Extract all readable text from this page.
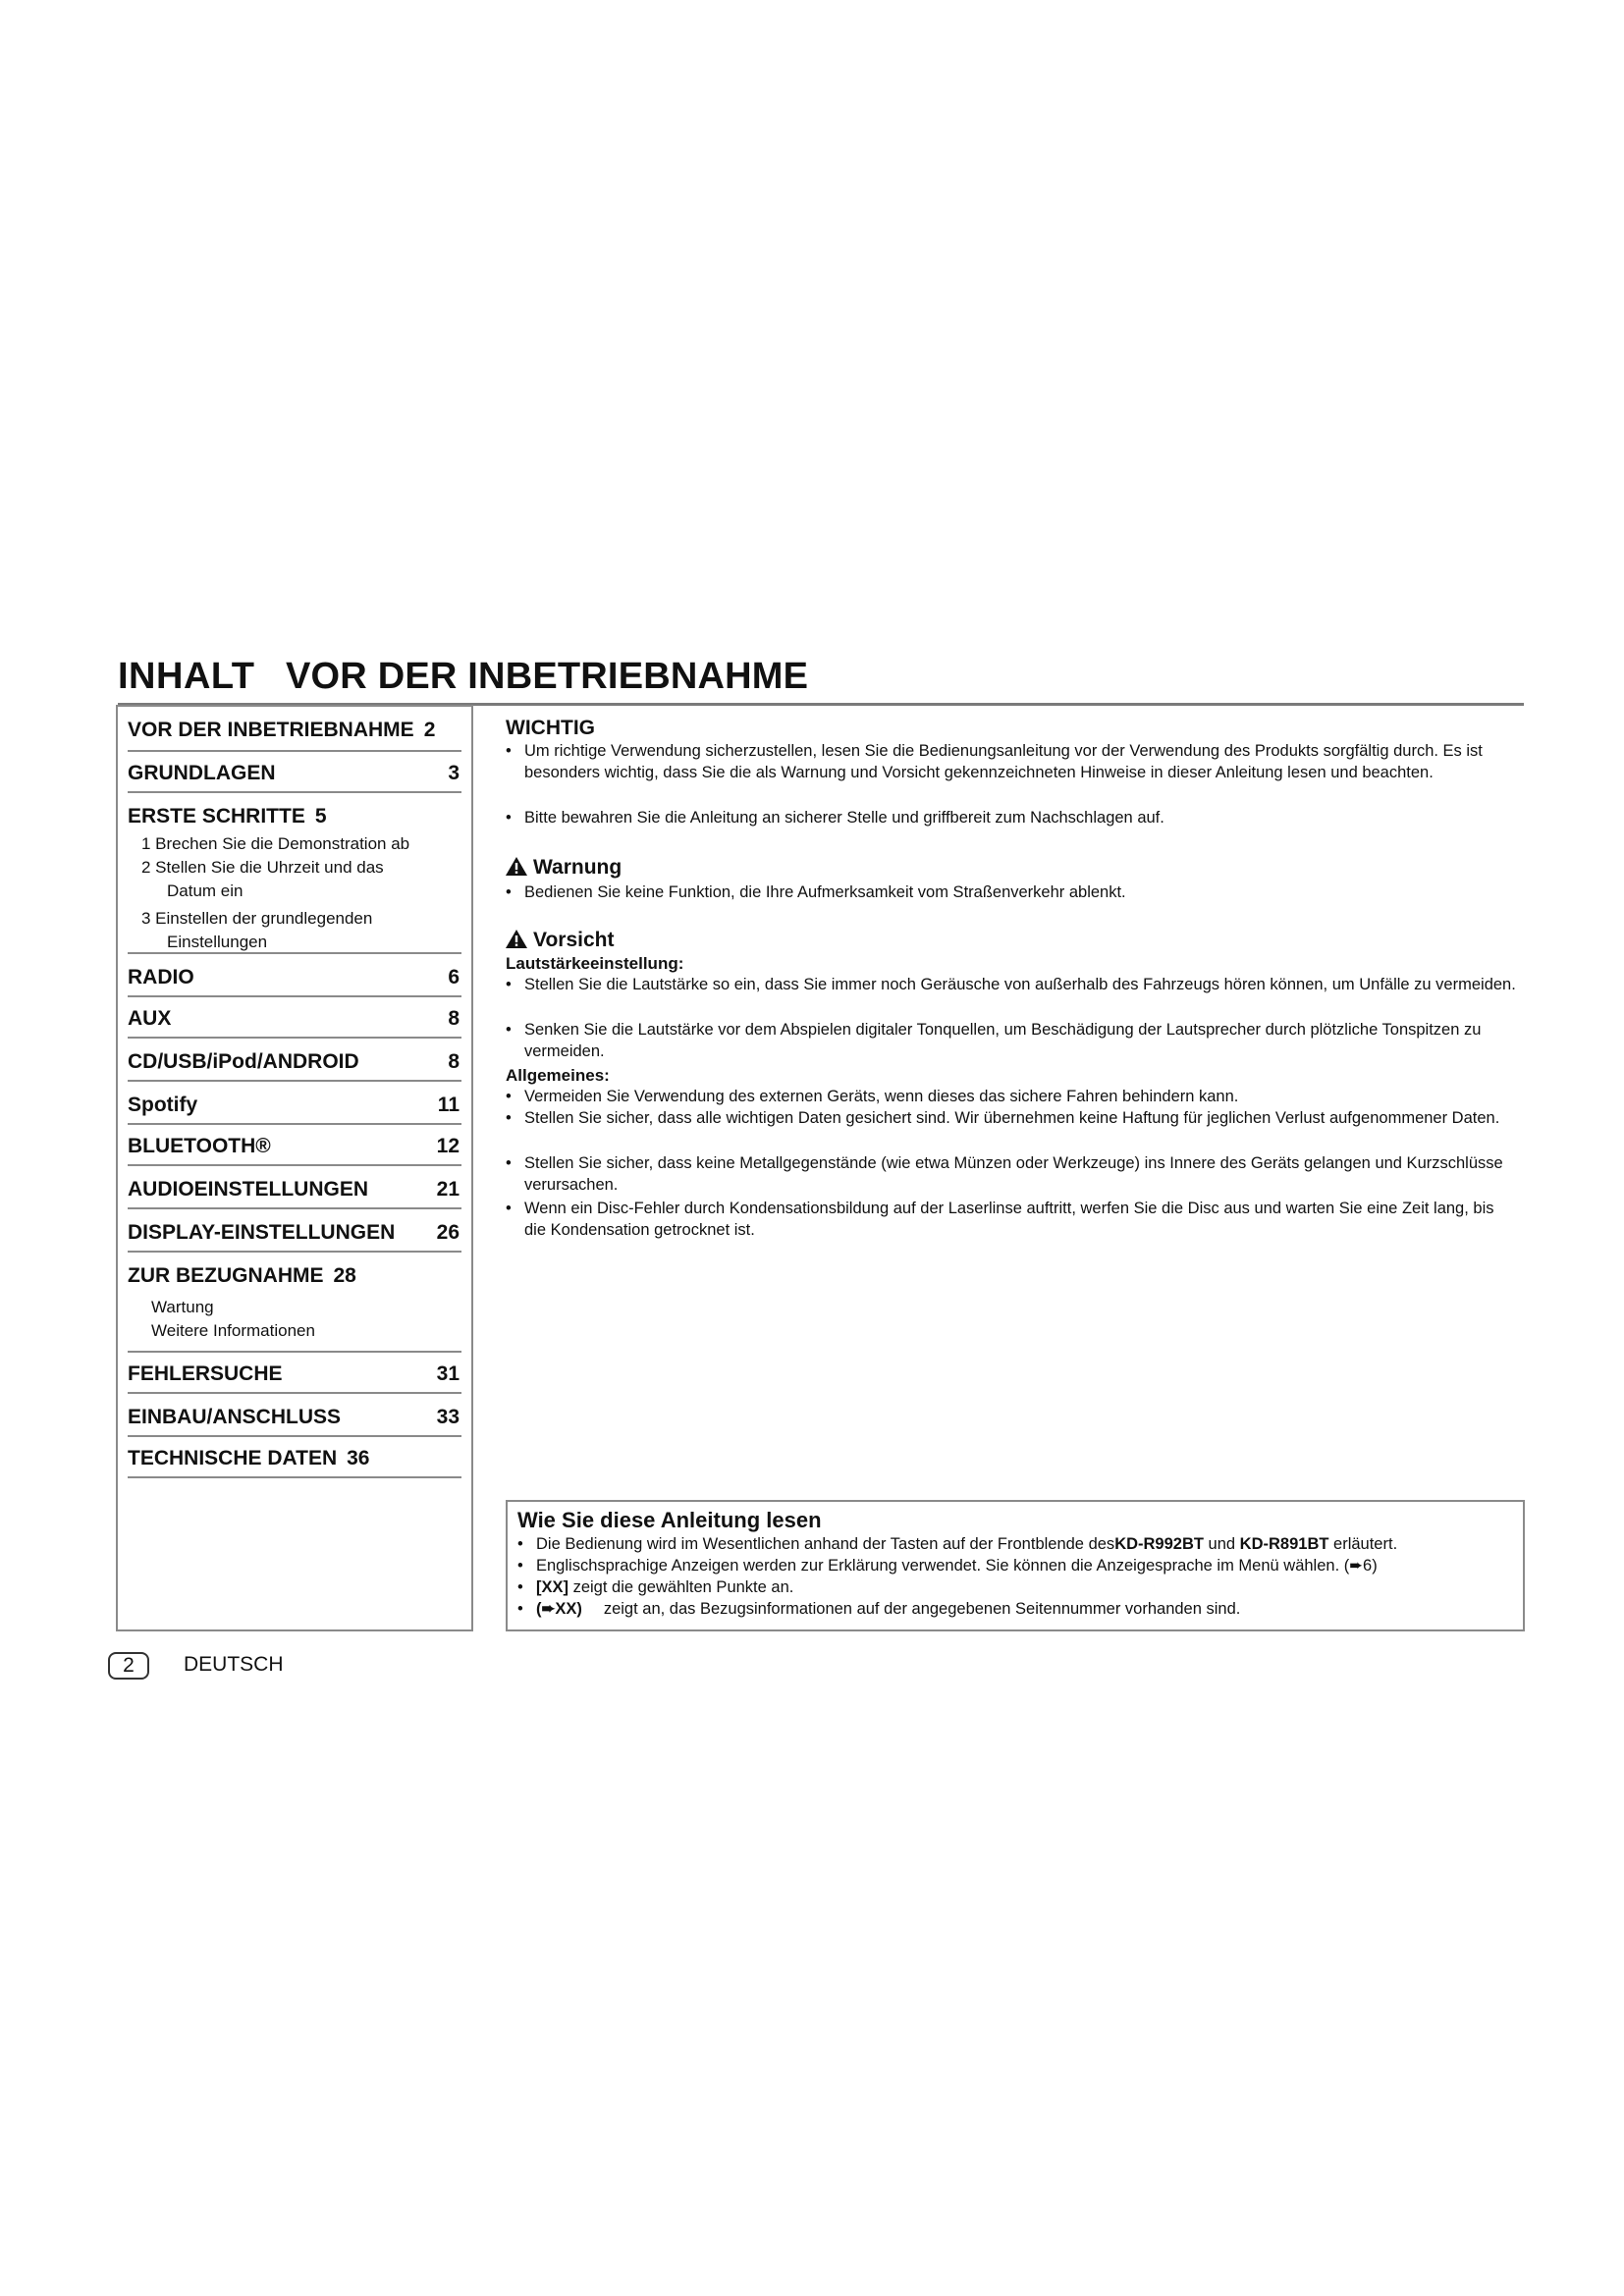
INHALT VOR DER INBETRIEBNAHME
VOR DER INBETRIEBNAHME 2
GRUNDLAGEN	3
ERSTE SCHRITTE 5
1 Brechen Sie die Demonstration ab
2 Stellen Sie die Uhrzeit und das
Datum ein
3 Einstellen der grundlegenden
Einstellungen
RADIO	6
AUX	8
CD/USB/iPod/ANDROID	8
Spotify	11
BLUETOOTH®	12
AUDIOEINSTELLUNGEN	21
DISPLAY-EINSTELLUNGEN 26
ZUR BEZUGNAHME 28
Wartung
Weitere Informationen
FEHLERSUCHE	31
EINBAU/ANSCHLUSS	33
TECHNISCHE DATEN 36
WICHTIG
• Um richtige Verwendung sicherzustellen, lesen Sie die Bedienungsanleitung vor der Verwendung des Produkts sorgfältig durch. Es ist besonders wichtig, dass Sie die als Warnung und Vorsicht gekennzeichneten Hinweise in dieser Anleitung lesen und beachten.
• Bitte bewahren Sie die Anleitung an sicherer Stelle und griffbereit zum Nachschlagen auf.
Warnung
• Bedienen Sie keine Funktion, die Ihre Aufmerksamkeit vom Straßenverkehr ablenkt.
Vorsicht
Lautstärkeeinstellung:
• Stellen Sie die Lautstärke so ein, dass Sie immer noch Geräusche von außerhalb des Fahrzeugs hören können, um Unfälle zu vermeiden.
• Senken Sie die Lautstärke vor dem Abspielen digitaler Tonquellen, um Beschädigung der Lautsprecher durch plötzliche Tonspitzen zu vermeiden.
Allgemeines:
• Vermeiden Sie Verwendung des externen Geräts, wenn dieses das sichere Fahren behindern kann.
• Stellen Sie sicher, dass alle wichtigen Daten gesichert sind. Wir übernehmen keine Haftung für jeglichen Verlust aufgenommener Daten.
• Stellen Sie sicher, dass keine Metallgegenstände (wie etwa Münzen oder Werkzeuge) ins Innere des Geräts gelangen und Kurzschlüsse verursachen.
• Wenn ein Disc-Fehler durch Kondensationsbildung auf der Laserlinse auftritt, werfen Sie die Disc aus und warten Sie eine Zeit lang, bis die Kondensation getrocknet ist.
Wie Sie diese Anleitung lesen
• Die Bedienung wird im Wesentlichen anhand der Tasten auf der Frontblende desKD-R992BT und KD-R891BT erläutert.
• Englischsprachige Anzeigen werden zur Erklärung verwendet. Sie können die Anzeigesprache im Menü wählen. (➨6)
• [XX] zeigt die gewählten Punkte an.
• (➨XX) zeigt an, das Bezugsinformationen auf der angegebenen Seitennummer vorhanden sind.
2	DEUTSCH
